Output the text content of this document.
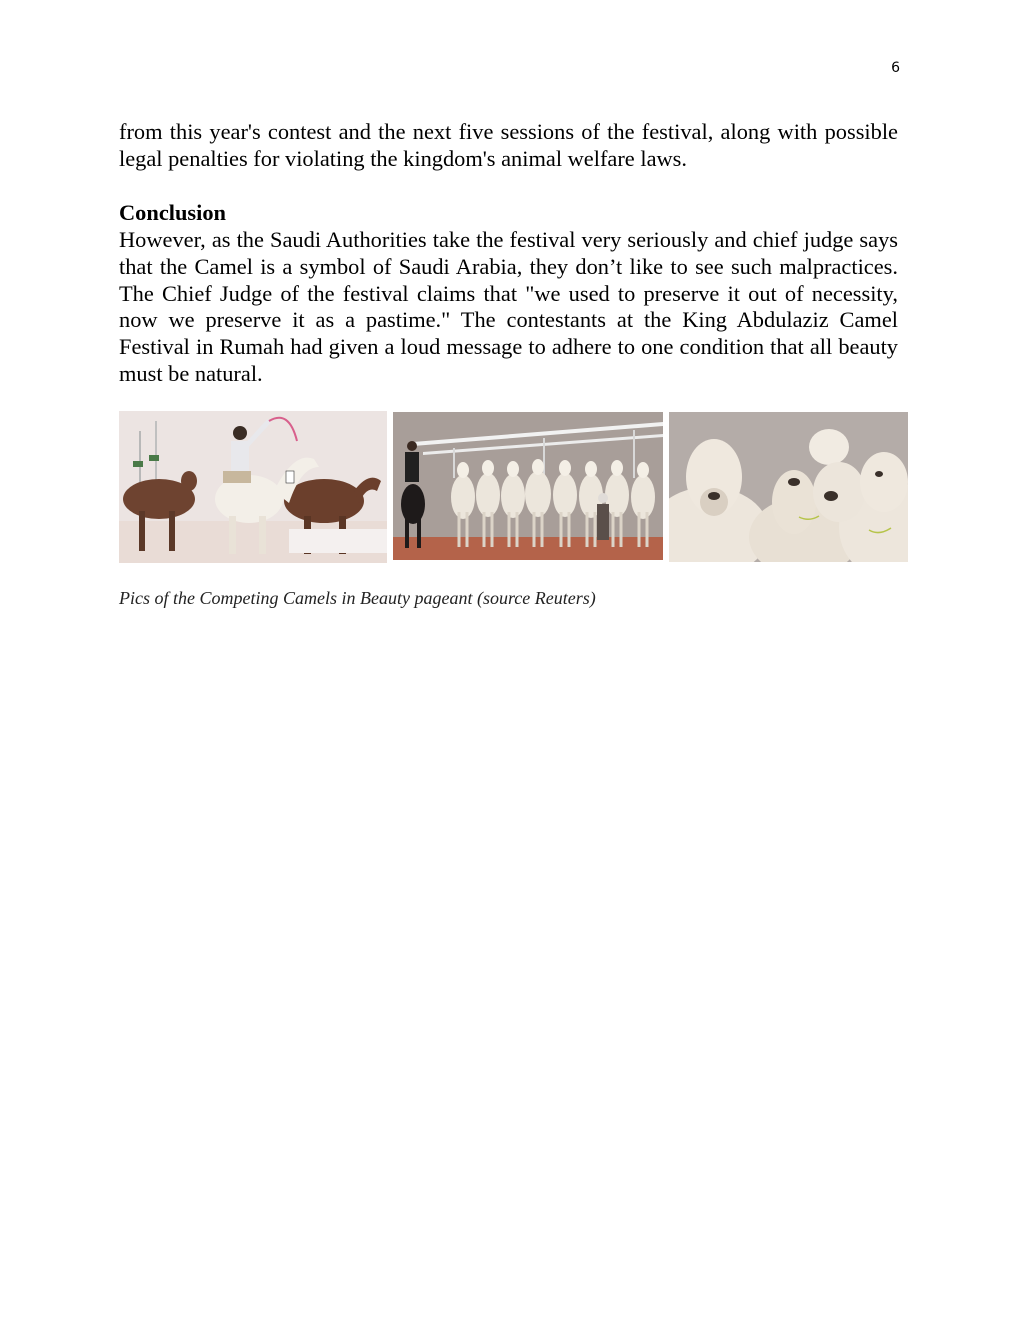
6

from this year's contest and the next five sessions of the festival, along with possible legal penalties for violating the kingdom's animal welfare laws.

Conclusion

However, as the Saudi Authorities take the festival very seriously and chief judge says that the Camel is a symbol of Saudi Arabia, they don’t like to see such malpractices. The Chief Judge of the festival claims that "we used to preserve it out of necessity, now we preserve it as a pastime." The contestants at the King Abdulaziz Camel Festival in Rumah had given a loud message to adhere to one condition that all beauty must be natural.

Pics of the Competing Camels in Beauty pageant (source Reuters)
